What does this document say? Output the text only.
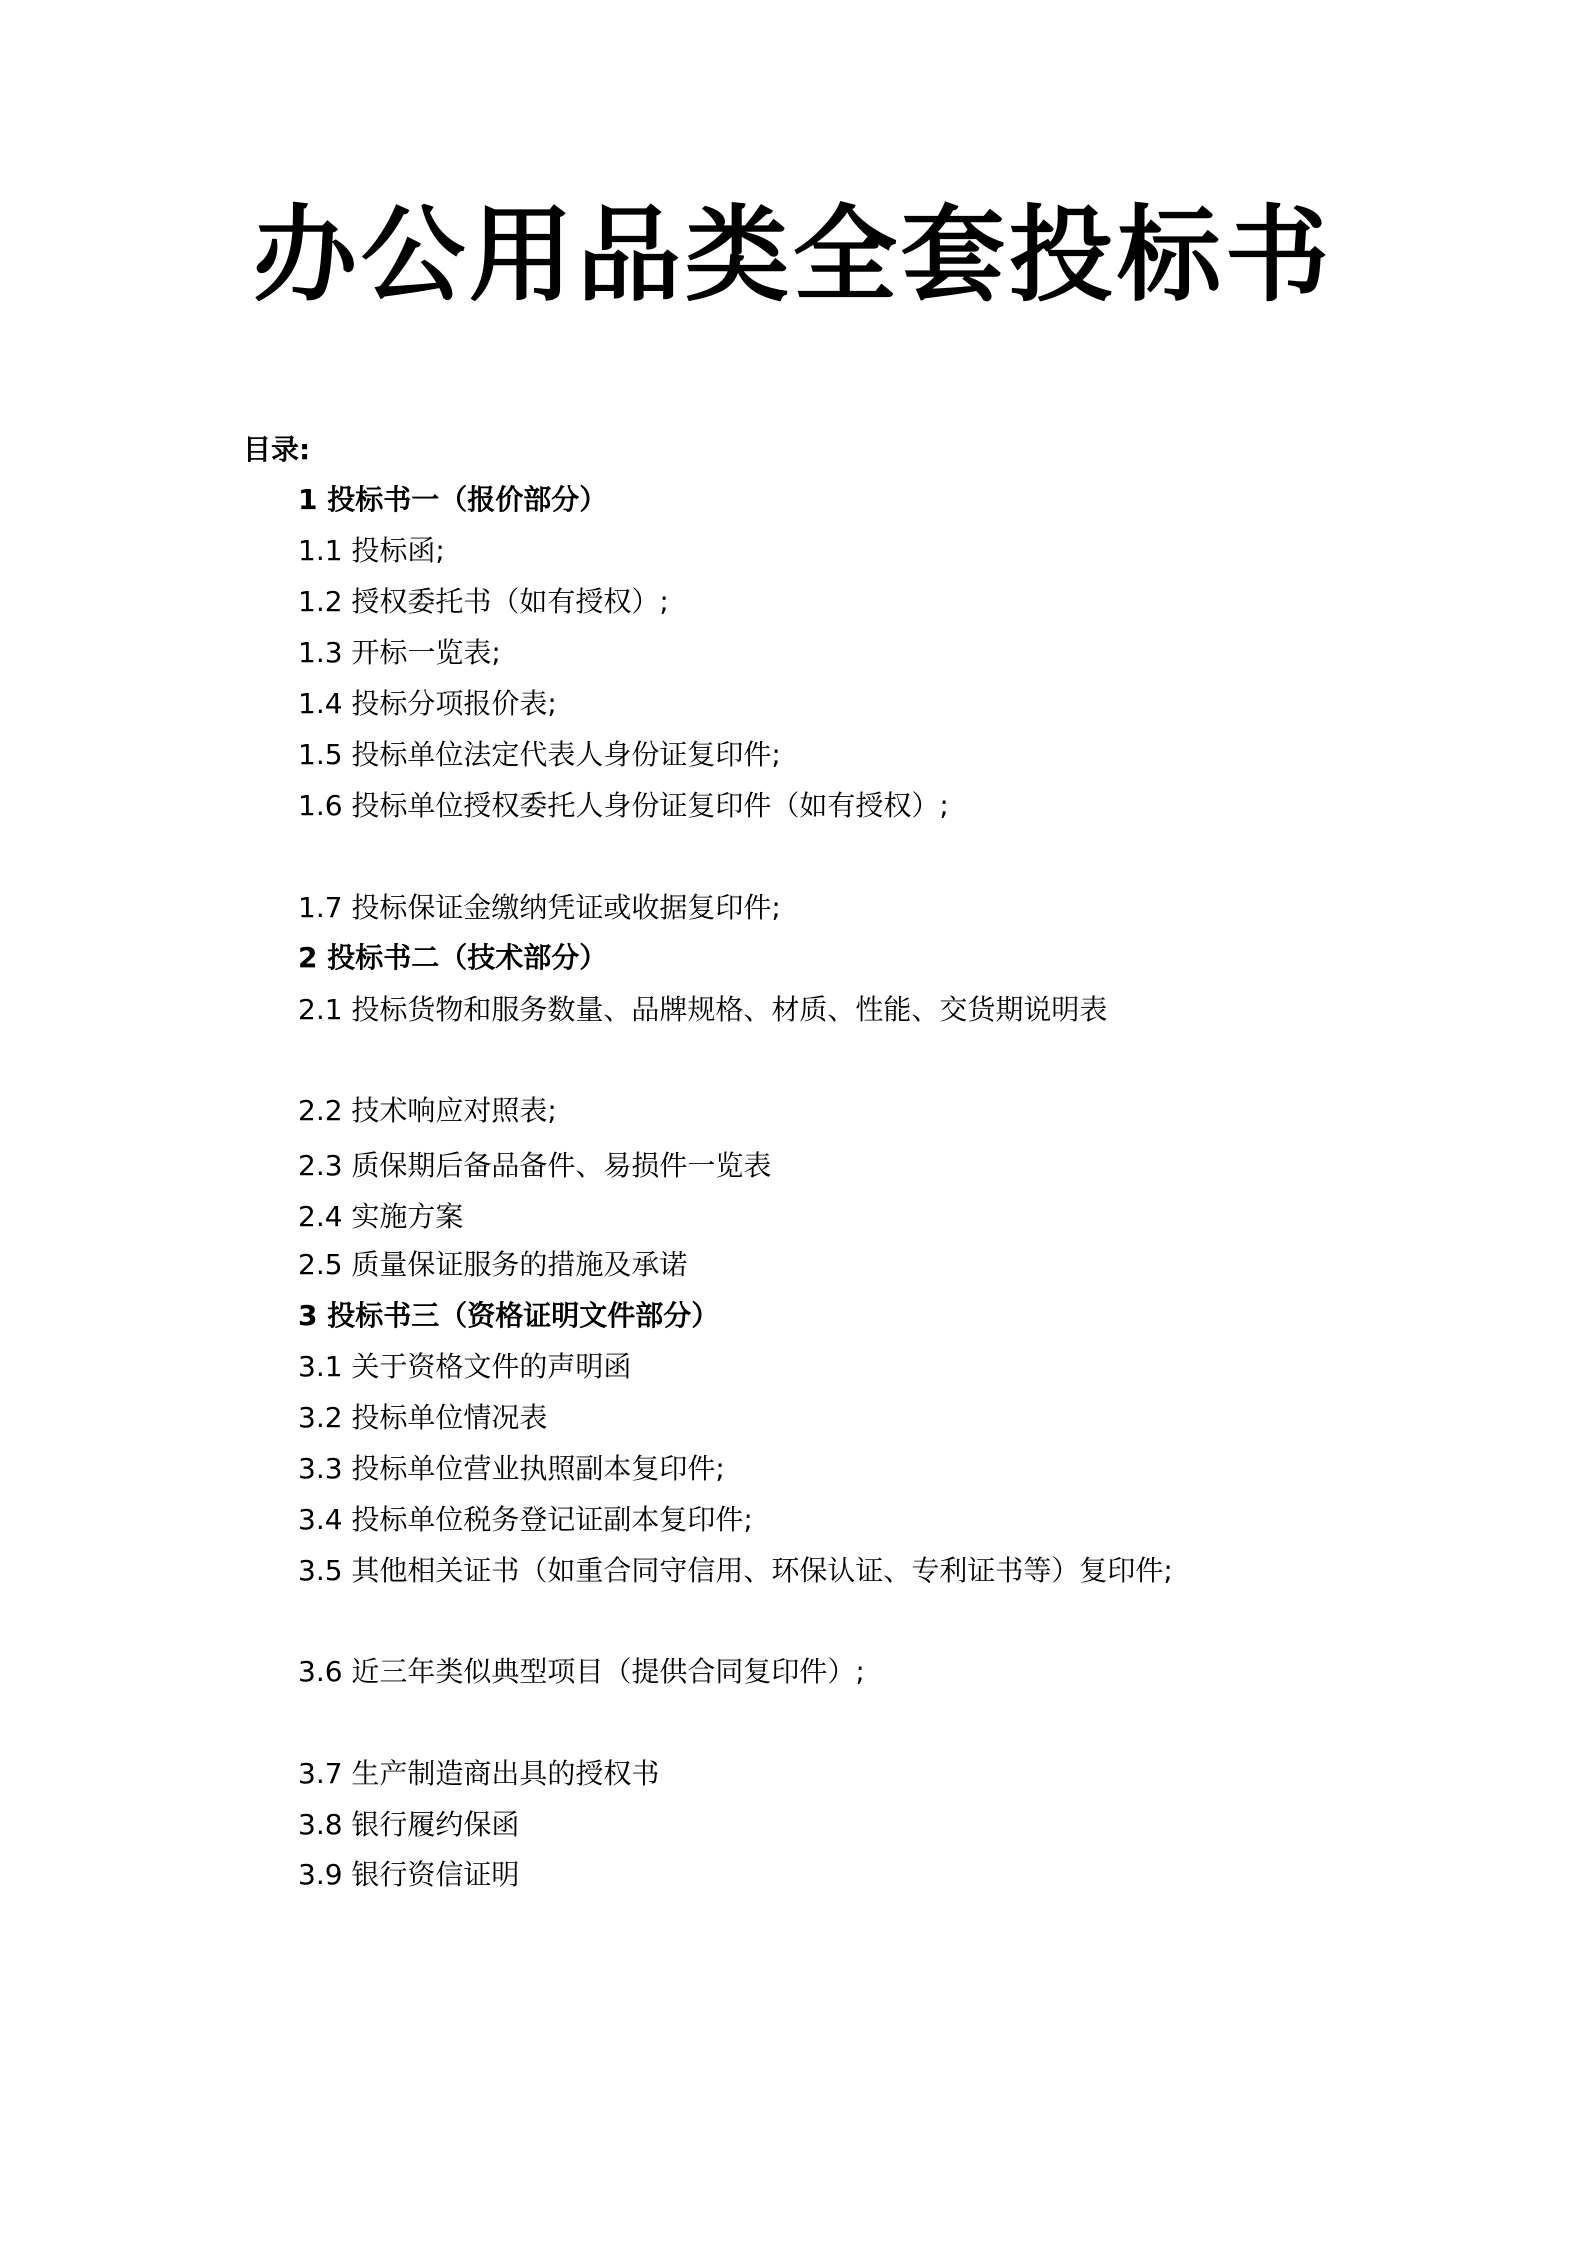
办公用品类全套投标书
目录:
1 投标书一（报价部分）
1.1 投标函;
1.2 授权委托书（如有授权）;
1.3 开标一览表;
1.4 投标分项报价表;
1.5 投标单位法定代表人身份证复印件;
1.6 投标单位授权委托人身份证复印件（如有授权）;
1.7 投标保证金缴纳凭证或收据复印件;
2 投标书二（技术部分）
2.1 投标货物和服务数量、品牌规格、材质、性能、交货期说明表
2.2 技术响应对照表;
2.3 质保期后备品备件、易损件一览表
2.4 实施方案
2.5 质量保证服务的措施及承诺
3 投标书三（资格证明文件部分）
3.1 关于资格文件的声明函
3.2 投标单位情况表
3.3 投标单位营业执照副本复印件;
3.4 投标单位税务登记证副本复印件;
3.5 其他相关证书（如重合同守信用、环保认证、专利证书等）复印件;
3.6 近三年类似典型项目（提供合同复印件）;
3.7 生产制造商出具的授权书
3.8 银行履约保函
3.9 银行资信证明
